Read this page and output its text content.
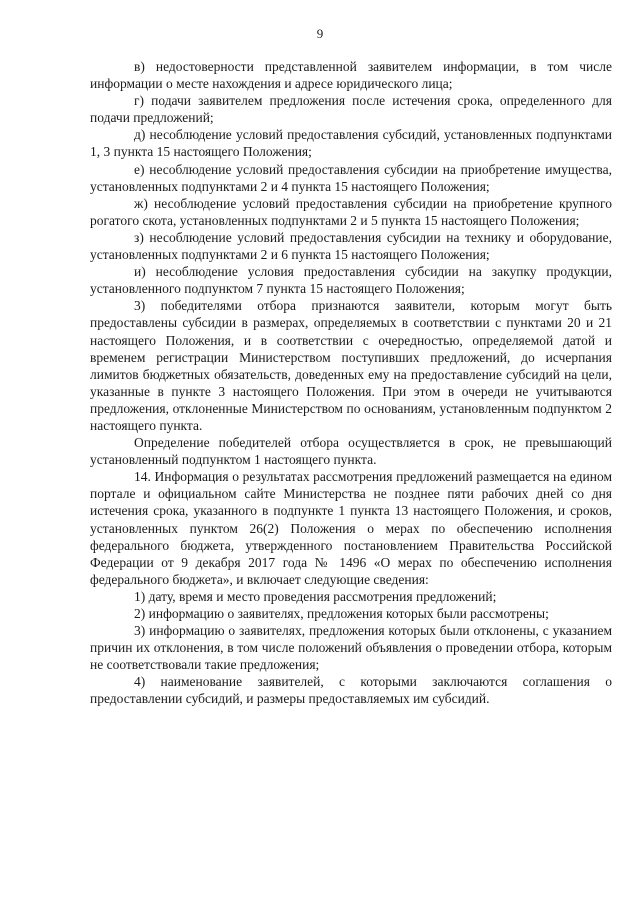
9

в) недостоверности представленной заявителем информации, в том числе информации о месте нахождения и адресе юридического лица;

г) подачи заявителем предложения после истечения срока, определенного для подачи предложений;

д) несоблюдение условий предоставления субсидий, установленных подпунктами 1, 3 пункта 15 настоящего Положения;

е) несоблюдение условий предоставления субсидии на приобретение имущества, установленных подпунктами 2 и 4 пункта 15 настоящего Положения;

ж) несоблюдение условий предоставления субсидии на приобретение крупного рогатого скота, установленных подпунктами 2 и 5 пункта 15 настоящего Положения;

з) несоблюдение условий предоставления субсидии на технику и оборудование, установленных подпунктами 2 и 6 пункта 15 настоящего Положения;

и) несоблюдение условия предоставления субсидии на закупку продукции, установленного подпунктом 7 пункта 15 настоящего Положения;

3) победителями отбора признаются заявители, которым могут быть предоставлены субсидии в размерах, определяемых в соответствии с пунктами 20 и 21 настоящего Положения, и в соответствии с очередностью, определяемой датой и временем регистрации Министерством поступивших предложений, до исчерпания лимитов бюджетных обязательств, доведенных ему на предоставление субсидий на цели, указанные в пункте 3 настоящего Положения. При этом в очереди не учитываются предложения, отклоненные Министерством по основаниям, установленным подпунктом 2 настоящего пункта.

Определение победителей отбора осуществляется в срок, не превышающий установленный подпунктом 1 настоящего пункта.

14. Информация о результатах рассмотрения предложений размещается на едином портале и официальном сайте Министерства не позднее пяти рабочих дней со дня истечения срока, указанного в подпункте 1 пункта 13 настоящего Положения, и сроков, установленных пунктом 26(2) Положения о мерах по обеспечению исполнения федерального бюджета, утвержденного постановлением Правительства Российской Федерации от 9 декабря 2017 года № 1496 «О мерах по обеспечению исполнения федерального бюджета», и включает следующие сведения:

1) дату, время и место проведения рассмотрения предложений;

2) информацию о заявителях, предложения которых были рассмотрены;

3) информацию о заявителях, предложения которых были отклонены, с указанием причин их отклонения, в том числе положений объявления о проведении отбора, которым не соответствовали такие предложения;

4) наименование заявителей, с которыми заключаются соглашения о предоставлении субсидий, и размеры предоставляемых им субсидий.
